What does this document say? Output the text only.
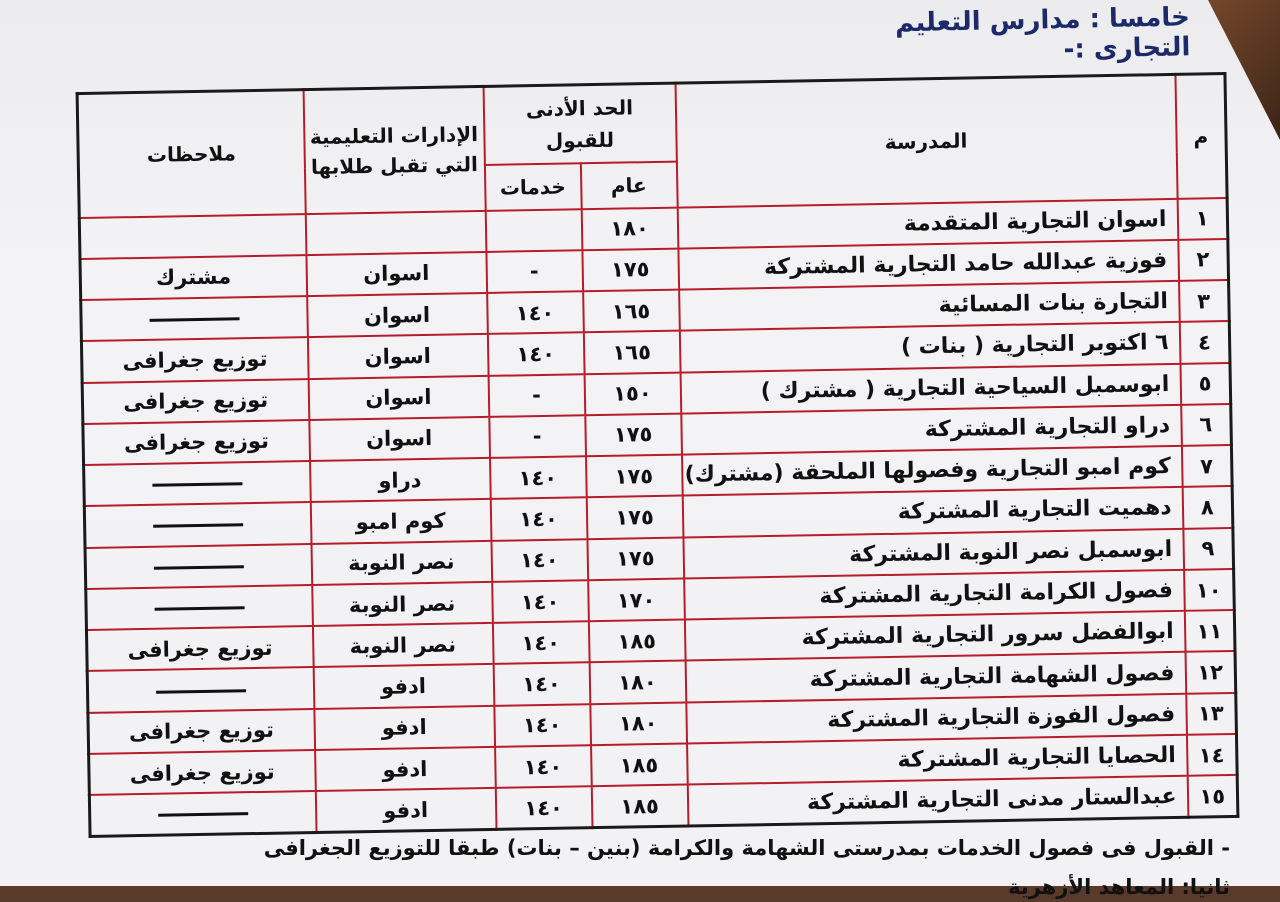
خامسا : مدارس التعليم التجارى :-
م	المدرسة	الحد الأدنى للقبول		الإدارات التعليمية التي تقبل طلابها	ملاحظات
		عام	خدمات		
١	اسوان التجارية المتقدمة	١٨٠			
٢	فوزية عبدالله حامد التجارية المشتركة	١٧٥	-	اسوان	مشترك
٣	التجارة بنات المسائية	١٦٥	١٤٠	اسوان	
٤	٦ اكتوبر التجارية ( بنات )	١٦٥	١٤٠	اسوان	توزيع جغرافى
٥	ابوسمبل السياحية التجارية ( مشترك )	١٥٠	-	اسوان	توزيع جغرافى
٦	دراو التجارية المشتركة	١٧٥	-	اسوان	توزيع جغرافى
٧	كوم امبو التجارية وفصولها الملحقة (مشترك)	١٧٥	١٤٠	دراو	
٨	دهميت التجارية المشتركة	١٧٥	١٤٠	كوم امبو	
٩	ابوسمبل نصر النوبة المشتركة	١٧٥	١٤٠	نصر النوبة	
١٠	فصول الكرامة التجارية المشتركة	١٧٠	١٤٠	نصر النوبة	
١١	ابوالفضل سرور التجارية المشتركة	١٨٥	١٤٠	نصر النوبة	توزيع جغرافى
١٢	فصول الشهامة التجارية المشتركة	١٨٠	١٤٠	ادفو	
١٣	فصول الفوزة التجارية المشتركة	١٨٠	١٤٠	ادفو	توزيع جغرافى
١٤	الحصايا التجارية المشتركة	١٨٥	١٤٠	ادفو	توزيع جغرافى
١٥	عبدالستار مدنى التجارية المشتركة	١٨٥	١٤٠	ادفو	
- القبول فى فصول الخدمات بمدرستى الشهامة والكرامة (بنين – بنات) طبقا للتوزيع الجغرافى
ثانيا: المعاهد الأزهرية
